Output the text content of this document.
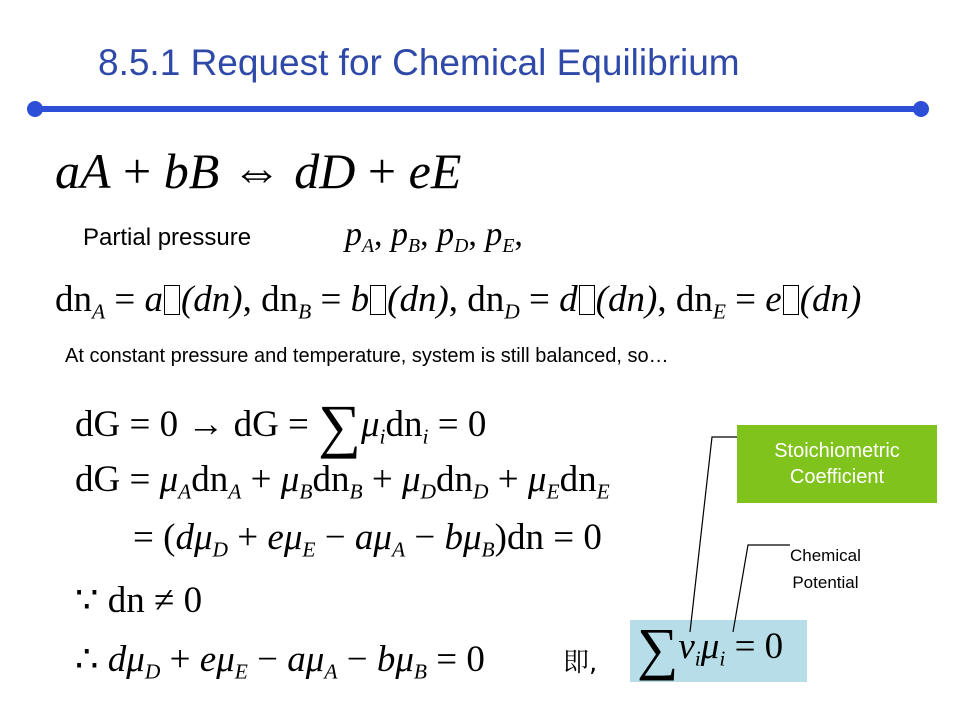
8.5.1 Request for Chemical Equilibrium
aA + bB ⇔ dD + eE
Partial pressure	$p_A$, $p_B$, $p_D$, $p_E$,
$dn_A = a$ (dn), $dn_B = b$ (dn), $dn_D = d$ (dn), $dn_E = e$ (dn)
At constant pressure and temperature, system is still balanced, so…
dG = 0 → dG = $\sum\mu_idn_i = 0$
dG = $\mu_Adn_A + \mu_Bdn_B + \mu_Ddn_D + \mu_Edn_E$
= $(d\mu_D + e\mu_E - a\mu_A - b\mu_B)dn = 0$
∵ dn ≠ 0
∴ $d\mu_D + e\mu_E - a\mu_A - b\mu_B = 0$	即, $\sum\nu_i\mu_i = 0$
Stoichiometric
Coefficient
Chemical
Potential
